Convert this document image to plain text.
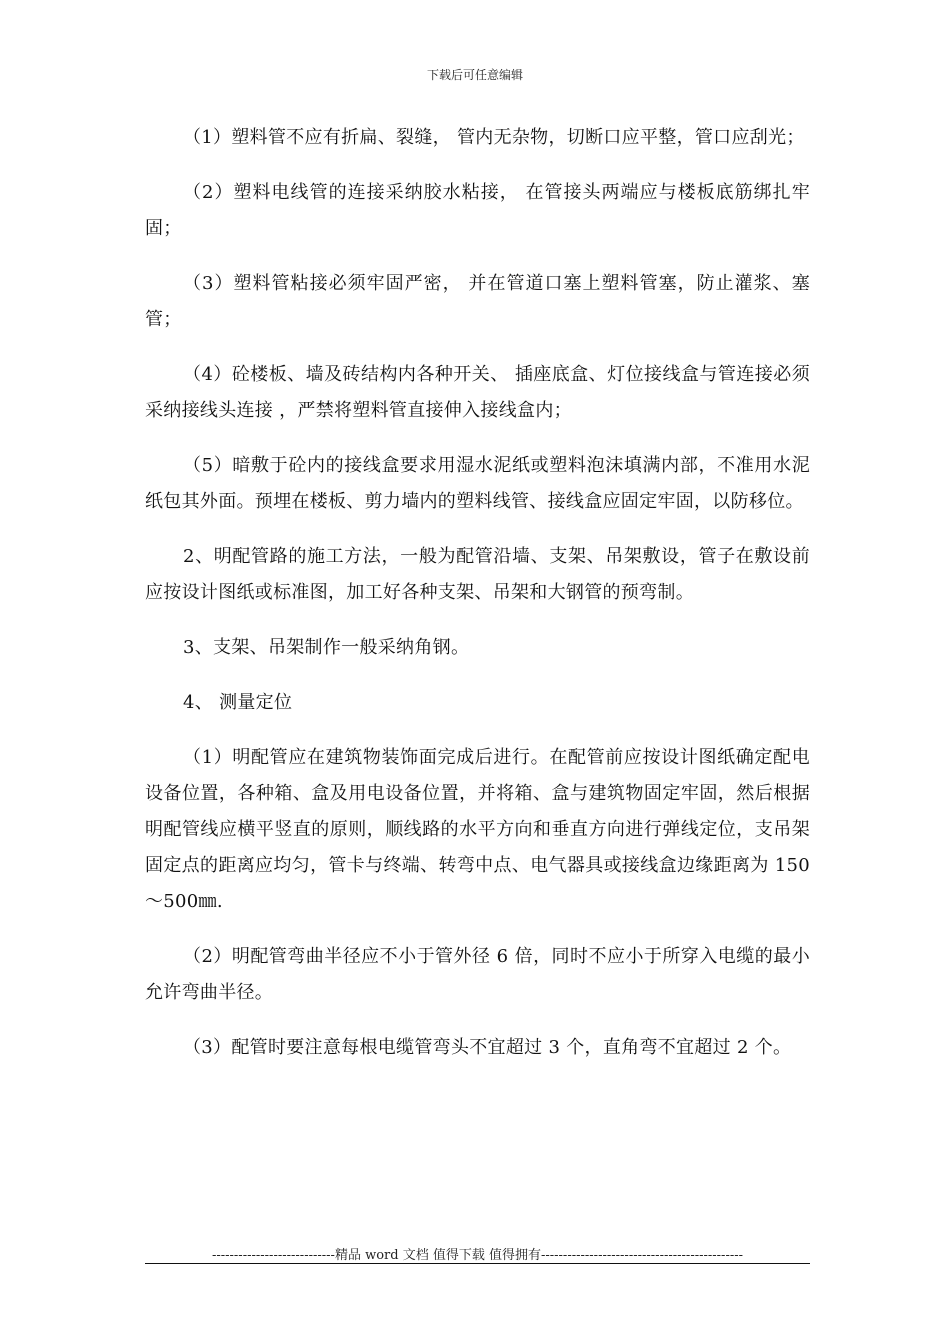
下载后可任意编辑

（1）塑料管不应有折扁、裂缝， 管内无杂物，切断口应平整，管口应刮光；

（2）塑料电线管的连接采纳胶水粘接， 在管接头两端应与楼板底筋绑扎牢固；

（3）塑料管粘接必须牢固严密， 并在管道口塞上塑料管塞，防止灌浆、塞管；

（4）砼楼板、墙及砖结构内各种开关、 插座底盒、灯位接线盒与管连接必须采纳接线头连接 ，严禁将塑料管直接伸入接线盒内；

（5）暗敷于砼内的接线盒要求用湿水泥纸或塑料泡沫填满内部，不准用水泥纸包其外面。预埋在楼板、剪力墙内的塑料线管、接线盒应固定牢固，以防移位。

2、明配管路的施工方法，一般为配管沿墙、支架、吊架敷设，管子在敷设前应按设计图纸或标准图，加工好各种支架、吊架和大钢管的预弯制。

3、支架、吊架制作一般采纳角钢。

4、 测量定位

（1）明配管应在建筑物装饰面完成后进行。在配管前应按设计图纸确定配电设备位置，各种箱、盒及用电设备位置，并将箱、盒与建筑物固定牢固，然后根据明配管线应横平竖直的原则，顺线路的水平方向和垂直方向进行弹线定位，支吊架固定点的距离应均匀，管卡与终端、转弯中点、电气器具或接线盒边缘距离为 150～500㎜.

（2）明配管弯曲半径应不小于管外径 6 倍，同时不应小于所穿入电缆的最小允许弯曲半径。

（3）配管时要注意每根电缆管弯头不宜超过 3 个，直角弯不宜超过 2 个。

----------------------------精品 word 文档 值得下载 值得拥有----------------------------------------------
